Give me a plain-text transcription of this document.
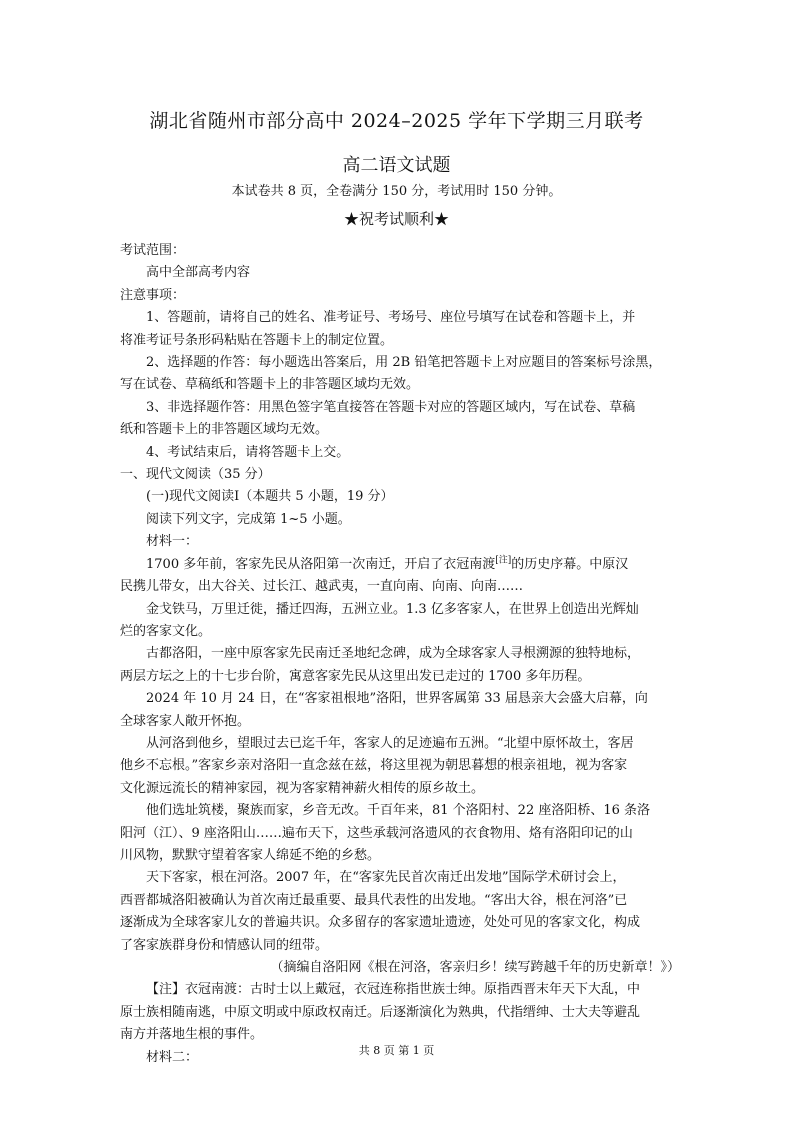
湖北省随州市部分高中 2024–2025 学年下学期三月联考
高二语文试题
本试卷共 8 页，全卷满分 150 分，考试用时 150 分钟。
★祝考试顺利★
考试范围：
高中全部高考内容
注意事项：
1、答题前，请将自己的姓名、准考证号、考场号、座位号填写在试卷和答题卡上，并
将准考证号条形码粘贴在答题卡上的制定位置。
2、选择题的作答：每小题选出答案后，用 2B 铅笔把答题卡上对应题目的答案标号涂黑，
写在试卷、草稿纸和答题卡上的非答题区域均无效。
3、非选择题作答：用黑色签字笔直接答在答题卡对应的答题区域内，写在试卷、草稿
纸和答题卡上的非答题区域均无效。
4、考试结束后，请将答题卡上交。
一、现代文阅读（35 分）
(一)现代文阅读Ⅰ（本题共 5 小题，19 分）
阅读下列文字，完成第 1~5 小题。
材料一：
1700 多年前，客家先民从洛阳第一次南迁，开启了衣冠南渡[注]的历史序幕。中原汉
民携儿带女，出大谷关、过长江、越武夷，一直向南、向南、向南……
金戈铁马，万里迁徙，播迁四海，五洲立业。1.3 亿多客家人，在世界上创造出光辉灿
烂的客家文化。
古都洛阳，一座中原客家先民南迁圣地纪念碑，成为全球客家人寻根溯源的独特地标，
两层方坛之上的十七步台阶，寓意客家先民从这里出发已走过的 1700 多年历程。
2024 年 10 月 24 日，在“客家祖根地”洛阳，世界客属第 33 届恳亲大会盛大启幕，向
全球客家人敞开怀抱。
从河洛到他乡，望眼过去已迄千年，客家人的足迹遍布五洲。“北望中原怀故土，客居
他乡不忘根。”客家乡亲对洛阳一直念兹在兹，将这里视为朝思暮想的根亲祖地，视为客家
文化源远流长的精神家园，视为客家精神薪火相传的原乡故土。
他们选址筑楼，聚族而家，乡音无改。千百年来，81 个洛阳村、22 座洛阳桥、16 条洛
阳河（江）、9 座洛阳山……遍布天下，这些承载河洛遗风的衣食物用、烙有洛阳印记的山
川风物，默默守望着客家人绵延不绝的乡愁。
天下客家，根在河洛。2007 年，在“客家先民首次南迁出发地”国际学术研讨会上，
西晋都城洛阳被确认为首次南迁最重要、最具代表性的出发地。“客出大谷，根在河洛”已
逐渐成为全球客家儿女的普遍共识。众多留存的客家遗址遗迹，处处可见的客家文化，构成
了客家族群身份和情感认同的纽带。
（摘编自洛阳网《根在河洛，客亲归乡！续写跨越千年的历史新章！》）
【注】衣冠南渡：古时士以上戴冠，衣冠连称指世族士绅。原指西晋末年天下大乱，中
原士族相随南逃，中原文明或中原政权南迁。后逐渐演化为熟典，代指缙绅、士大夫等避乱
南方并落地生根的事件。
材料二：	共 8 页 第 1 页
